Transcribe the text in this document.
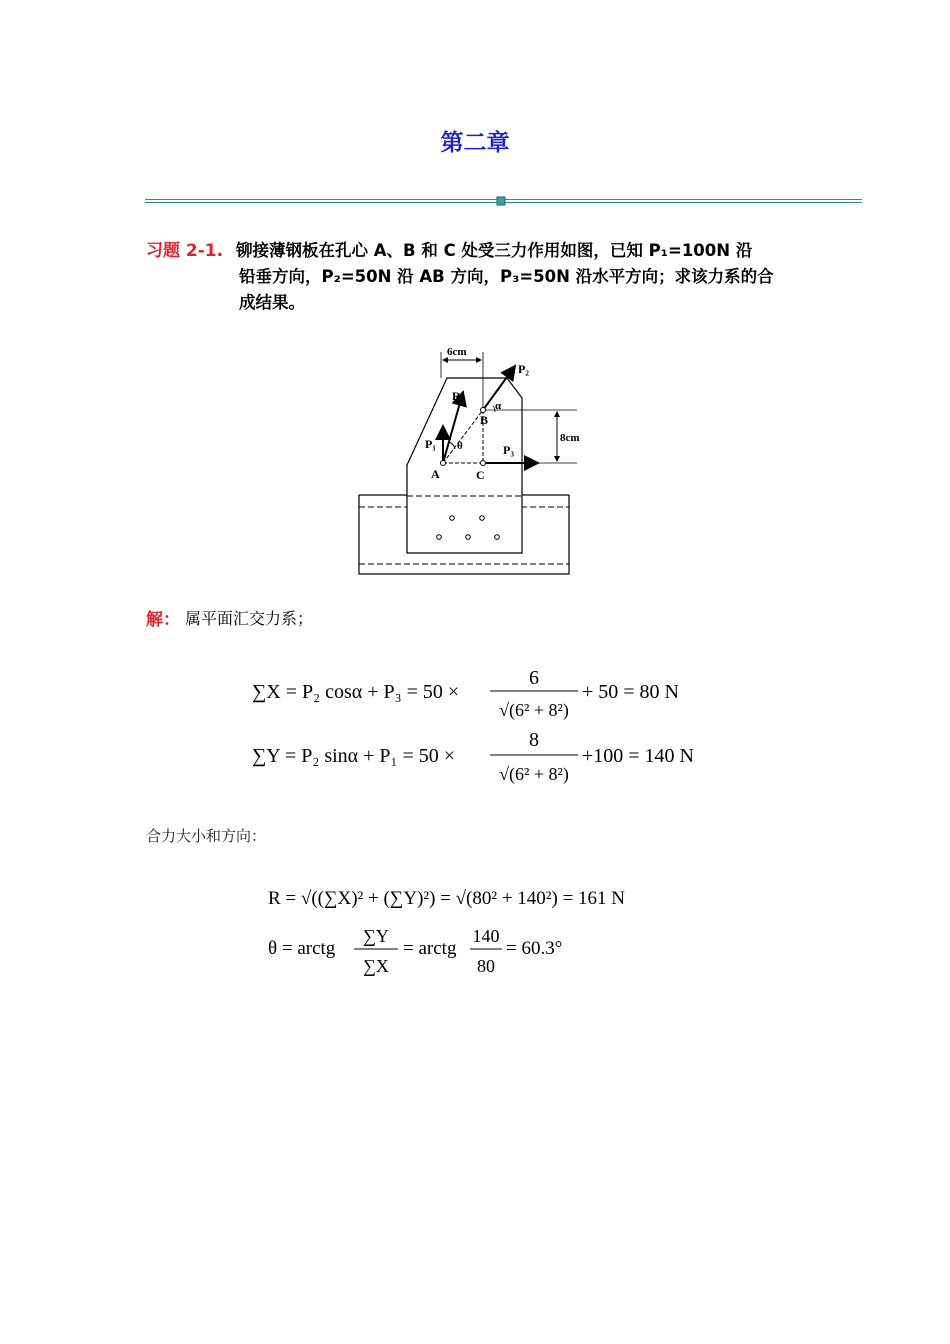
第二章
习题 2-1. 铆接薄钢板在孔心 A、B 和 C 处受三力作用如图，已知 P₁=100N 沿
铅垂方向，P₂=50N 沿 AB 方向，P₃=50N 沿水平方向；求该力系的合
成结果。
6cm
8cm
A
B
C
P₁
P₂
P₃
R
α
θ
解： 属平面汇交力系；
∑X = P₂ cosα + P₃ = 50 ×
6
√(6² + 8²)
+ 50 = 80 N
∑Y = P₂ sinα + P₁ = 50 ×
8
√(6² + 8²)
+100 = 140 N
合力大小和方向：
R = √((∑X)² + (∑Y)²) = √(80² + 140²) = 161 N
θ = arctg
∑Y
∑X
= arctg
140
80
= 60.3°
